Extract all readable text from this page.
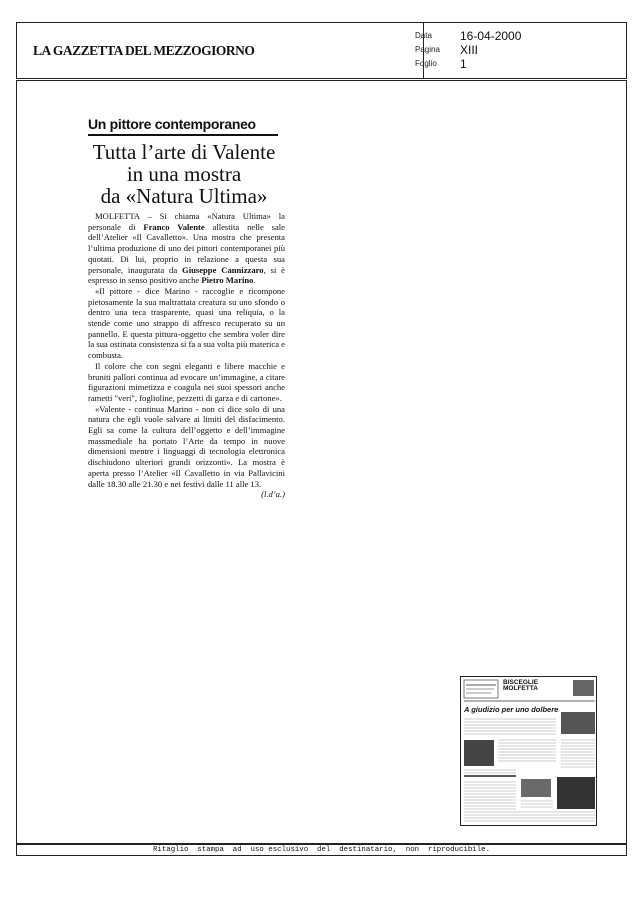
LA GAZZETTA DEL MEZZOGIORNO
Data 16-04-2000
Pagina XIII
Foglio 1
Un pittore contemporaneo
Tutta l’arte di Valente
in una mostra
da «Natura Ultima»

MOLFETTA – Si chiama «Natura Ultima» la personale di Franco Valente allestita nelle sale dell’Atelier «Il Cavalletto». Una mostra che presenta l’ultima produzione di uno dei pittori contemporanei più quotati. Di lui, proprio in relazione a questa sua personale, inaugurata da Giuseppe Cannizzaro, si è espresso in senso positivo anche Pietro Marino.

«Il pittore - dice Marino - raccoglie e ricompone pietosamente la sua maltrattata creatura su uno sfondo o dentro una teca trasparente, quasi una reliquia, o la stende come uno strappo di affresco recuperato su un pannello. E questa pittura-oggetto che sembra voler dire la sua ostinata consistenza si fa a sua volta più materica e combusta.

Il colore che con segni eleganti e libere macchie e bruniti pallori continua ad evocare un’immagine, a citare figurazioni mimetizza e coagula nei suoi spessori anche rametti "veri", foglioline, pezzetti di garza e di cartone».

«Valente - continua Marino - non ci dice solo di una natura che egli vuole salvare ai limiti del disfacimento. Egli sa come la cultura dell’oggetto e dell’immagine massmediale ha portato l’Arte da tempo in nuove dimensioni mentre i linguaggi di tecnologia elettronica dischiudono ulteriori grandi orizzonti». La mostra è aperta presso l’Atelier «Il Cavalletto in via Pallavicini dalle 18.30 alle 21.30 e nei festivi dalle 11 alle 13.
(l.d’a.)

BISCEGLIE MOLFETTA
A giudizio per uno dolbere
Ritaglio  stampa  ad  uso esclusivo  del  destinatario,  non  riproducibile.
